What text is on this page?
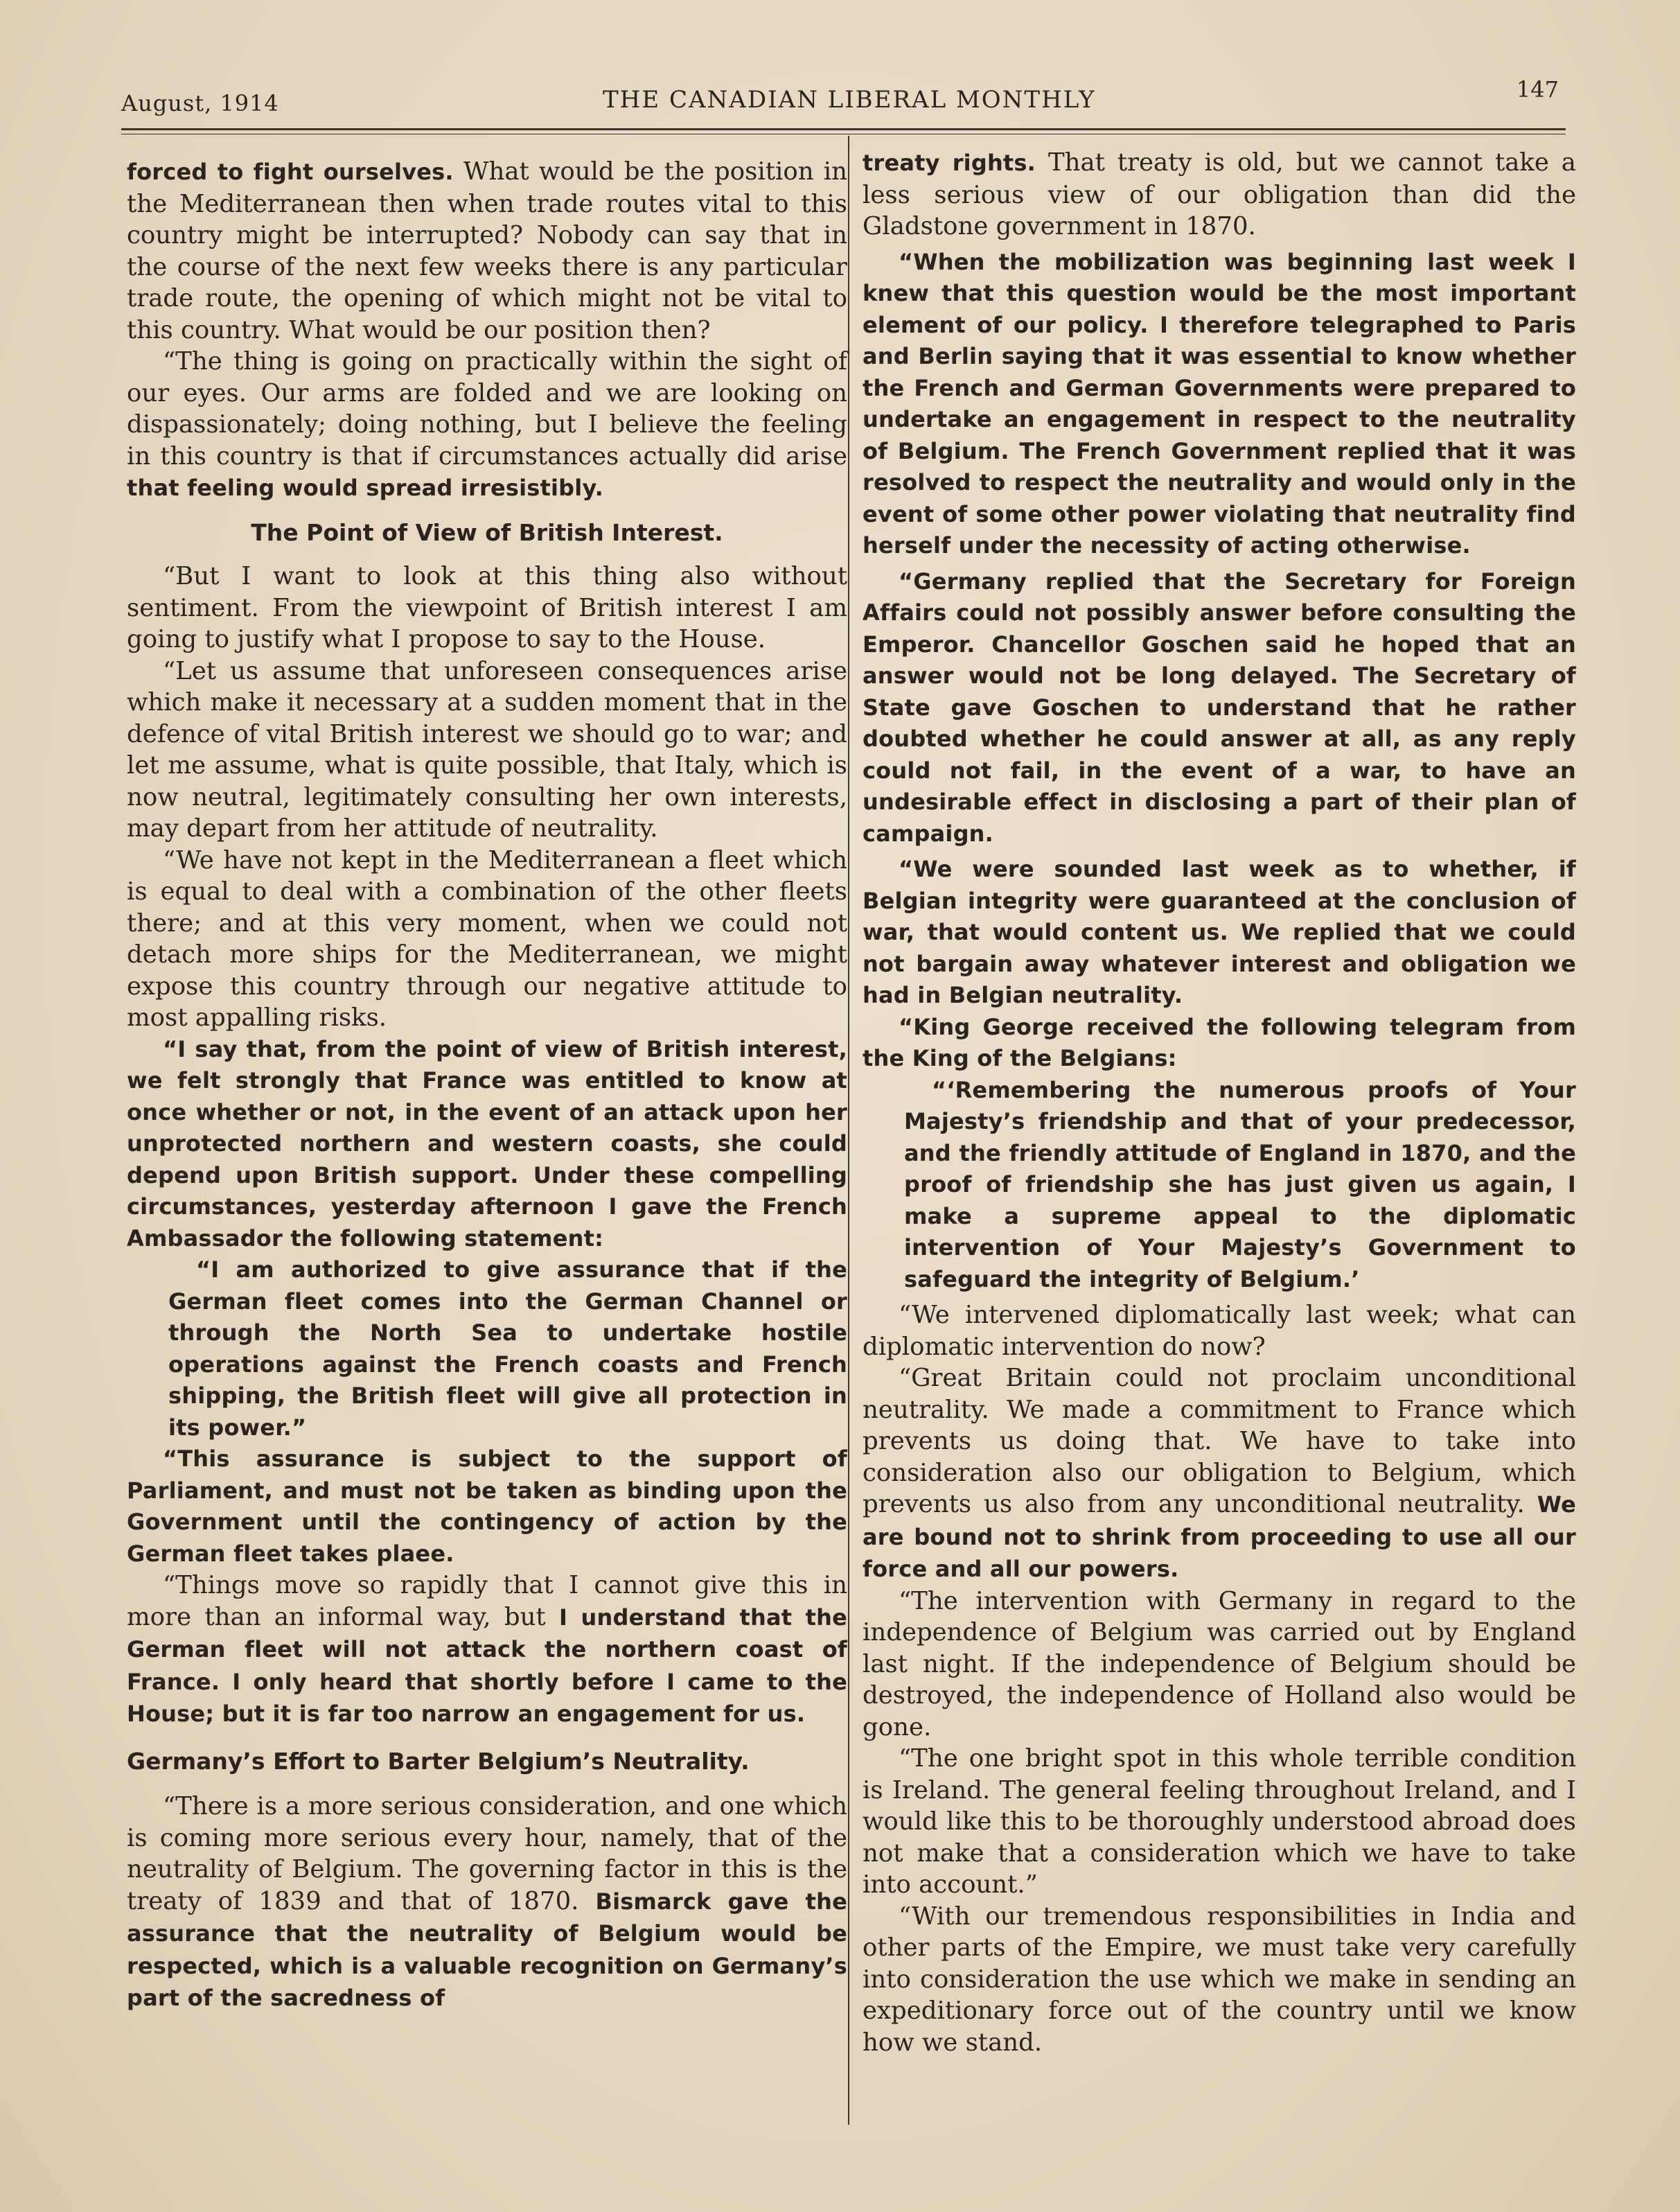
August, 1914	THE CANADIAN LIBERAL MONTHLY	147

forced to fight ourselves. What would be the position in the Mediterranean then when trade routes vital to this country might be interrupted? Nobody can say that in the course of the next few weeks there is any particular trade route, the opening of which might not be vital to this country. What would be our position then?

“The thing is going on practically within the sight of our eyes. Our arms are folded and we are looking on dispassionately; doing nothing, but I believe the feeling in this country is that if circumstances actually did arise that feeling would spread irresistibly.

The Point of View of British Interest.

“But I want to look at this thing also without sentiment. From the viewpoint of British interest I am going to justify what I propose to say to the House.

“Let us assume that unforeseen consequences arise which make it necessary at a sudden moment that in the defence of vital British interest we should go to war; and let me assume, what is quite possible, that Italy, which is now neutral, legitimately consulting her own interests, may depart from her attitude of neutrality.

“We have not kept in the Mediterranean a fleet which is equal to deal with a combination of the other fleets there; and at this very moment, when we could not detach more ships for the Mediterranean, we might expose this country through our negative attitude to most appalling risks.

“I say that, from the point of view of British interest, we felt strongly that France was entitled to know at once whether or not, in the event of an attack upon her unprotected northern and western coasts, she could depend upon British support. Under these compelling circumstances, yesterday afternoon I gave the French Ambassador the following statement:

“I am authorized to give assurance that if the German fleet comes into the German Channel or through the North Sea to undertake hostile operations against the French coasts and French shipping, the British fleet will give all protection in its power.”

“This assurance is subject to the support of Parliament, and must not be taken as binding upon the Government until the contingency of action by the German fleet takes plaee.

“Things move so rapidly that I cannot give this in more than an informal way, but I understand that the German fleet will not attack the northern coast of France. I only heard that shortly before I came to the House; but it is far too narrow an engagement for us.

Germany’s Effort to Barter Belgium’s Neutrality.

“There is a more serious consideration, and one which is coming more serious every hour, namely, that of the neutrality of Belgium. The governing factor in this is the treaty of 1839 and that of 1870. Bismarck gave the assurance that the neutrality of Belgium would be respected, which is a valuable recognition on Germany’s part of the sacredness of

treaty rights. That treaty is old, but we cannot take a less serious view of our obligation than did the Gladstone government in 1870.

“When the mobilization was beginning last week I knew that this question would be the most important element of our policy. I therefore telegraphed to Paris and Berlin saying that it was essential to know whether the French and German Governments were prepared to undertake an engagement in respect to the neutrality of Belgium. The French Government replied that it was resolved to respect the neutrality and would only in the event of some other power violating that neutrality find herself under the necessity of acting otherwise.

“Germany replied that the Secretary for Foreign Affairs could not possibly answer before consulting the Emperor. Chancellor Goschen said he hoped that an answer would not be long delayed. The Secretary of State gave Goschen to understand that he rather doubted whether he could answer at all, as any reply could not fail, in the event of a war, to have an undesirable effect in disclosing a part of their plan of campaign.

“We were sounded last week as to whether, if Belgian integrity were guaranteed at the conclusion of war, that would content us. We replied that we could not bargain away whatever interest and obligation we had in Belgian neutrality.

“King George received the following telegram from the King of the Belgians:

“‘Remembering the numerous proofs of Your Majesty’s friendship and that of your predecessor, and the friendly attitude of England in 1870, and the proof of friendship she has just given us again, I make a supreme appeal to the diplomatic intervention of Your Majesty’s Government to safeguard the integrity of Belgium.’

“We intervened diplomatically last week; what can diplomatic intervention do now?

“Great Britain could not proclaim unconditional neutrality. We made a commitment to France which prevents us doing that. We have to take into consideration also our obligation to Belgium, which prevents us also from any unconditional neutrality. We are bound not to shrink from proceeding to use all our force and all our powers.

“The intervention with Germany in regard to the independence of Belgium was carried out by England last night. If the independence of Belgium should be destroyed, the independence of Holland also would be gone.

“The one bright spot in this whole terrible condition is Ireland. The general feeling throughout Ireland, and I would like this to be thoroughly understood abroad does not make that a consideration which we have to take into account.”

“With our tremendous responsibilities in India and other parts of the Empire, we must take very carefully into consideration the use which we make in sending an expeditionary force out of the country until we know how we stand.
